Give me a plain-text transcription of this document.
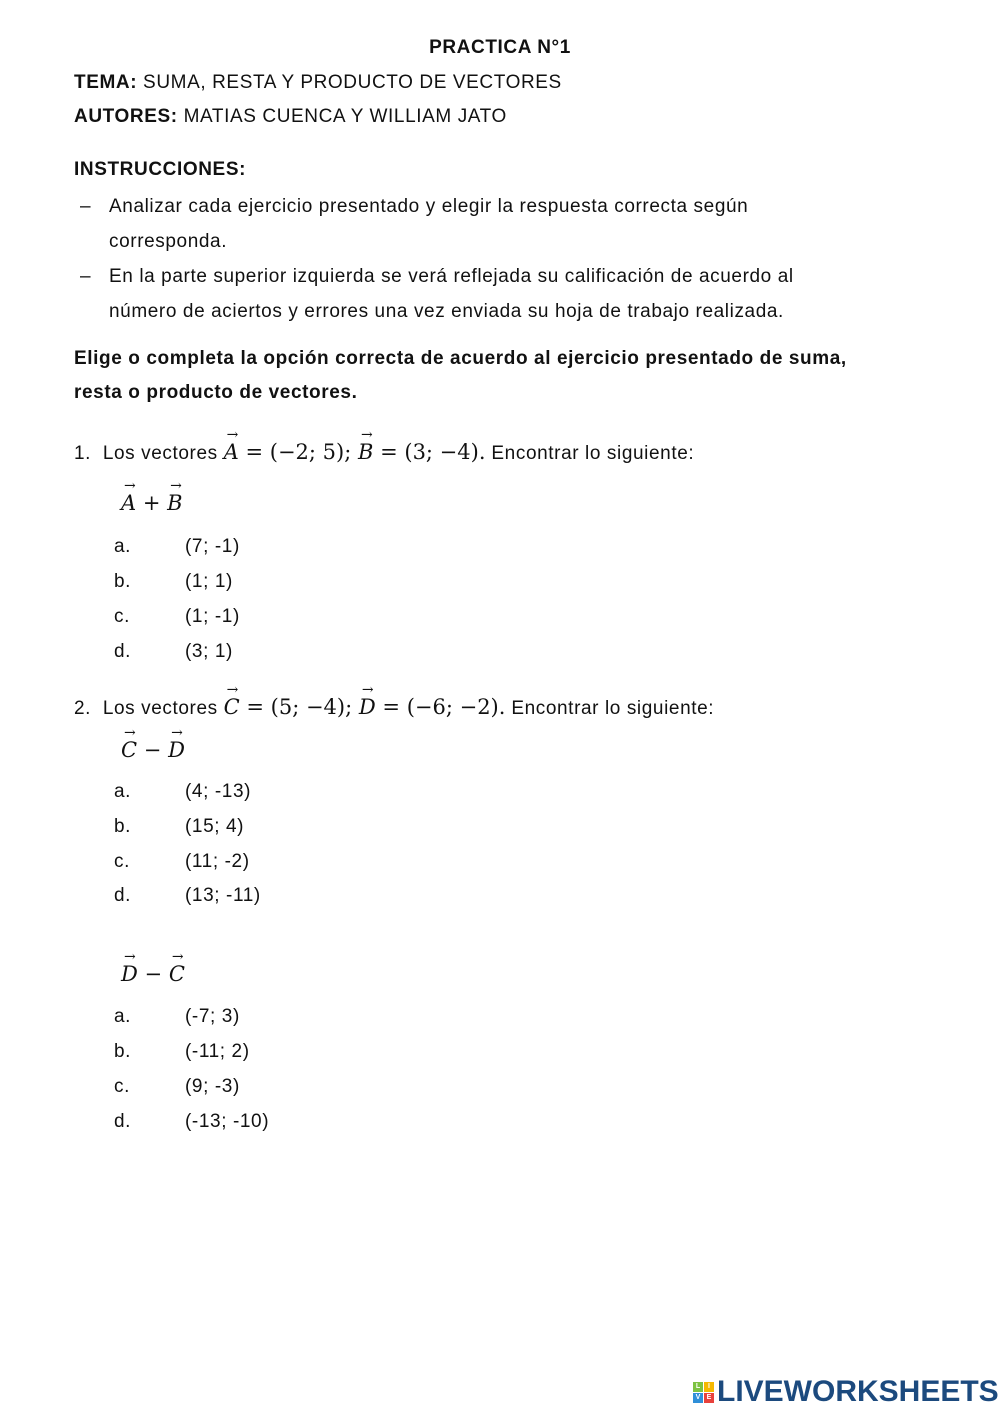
PRACTICA N°1
TEMA: SUMA, RESTA Y PRODUCTO DE VECTORES
AUTORES: MATIAS CUENCA Y WILLIAM JATO
INSTRUCCIONES:
– Analizar cada ejercicio presentado y elegir la respuesta correcta según
corresponda.
– En la parte superior izquierda se verá reflejada su calificación de acuerdo al
número de aciertos y errores una vez enviada su hoja de trabajo realizada.
Elige o completa la opción correcta de acuerdo al ejercicio presentado de suma,
resta o producto de vectores.
1. Los vectores → A = (−2; 5); → B = (3; −4). Encontrar lo siguiente:
→ A + → B
a.	(7; -1)
b.	(1; 1)
c.	(1; -1)
d.	(3; 1)
2. Los vectores → C = (5; −4); → D = (−6; −2). Encontrar lo siguiente:
→ C − → D
a.	(4; -13)
b.	(15; 4)
c.	(11; -2)
d.	(13; -11)
→ D − → C
a.	(-7; 3)
b.	(-11; 2)
c.	(9; -3)
d.	(-13; -10)
L	I
V E LIVEWORKSHEETS
